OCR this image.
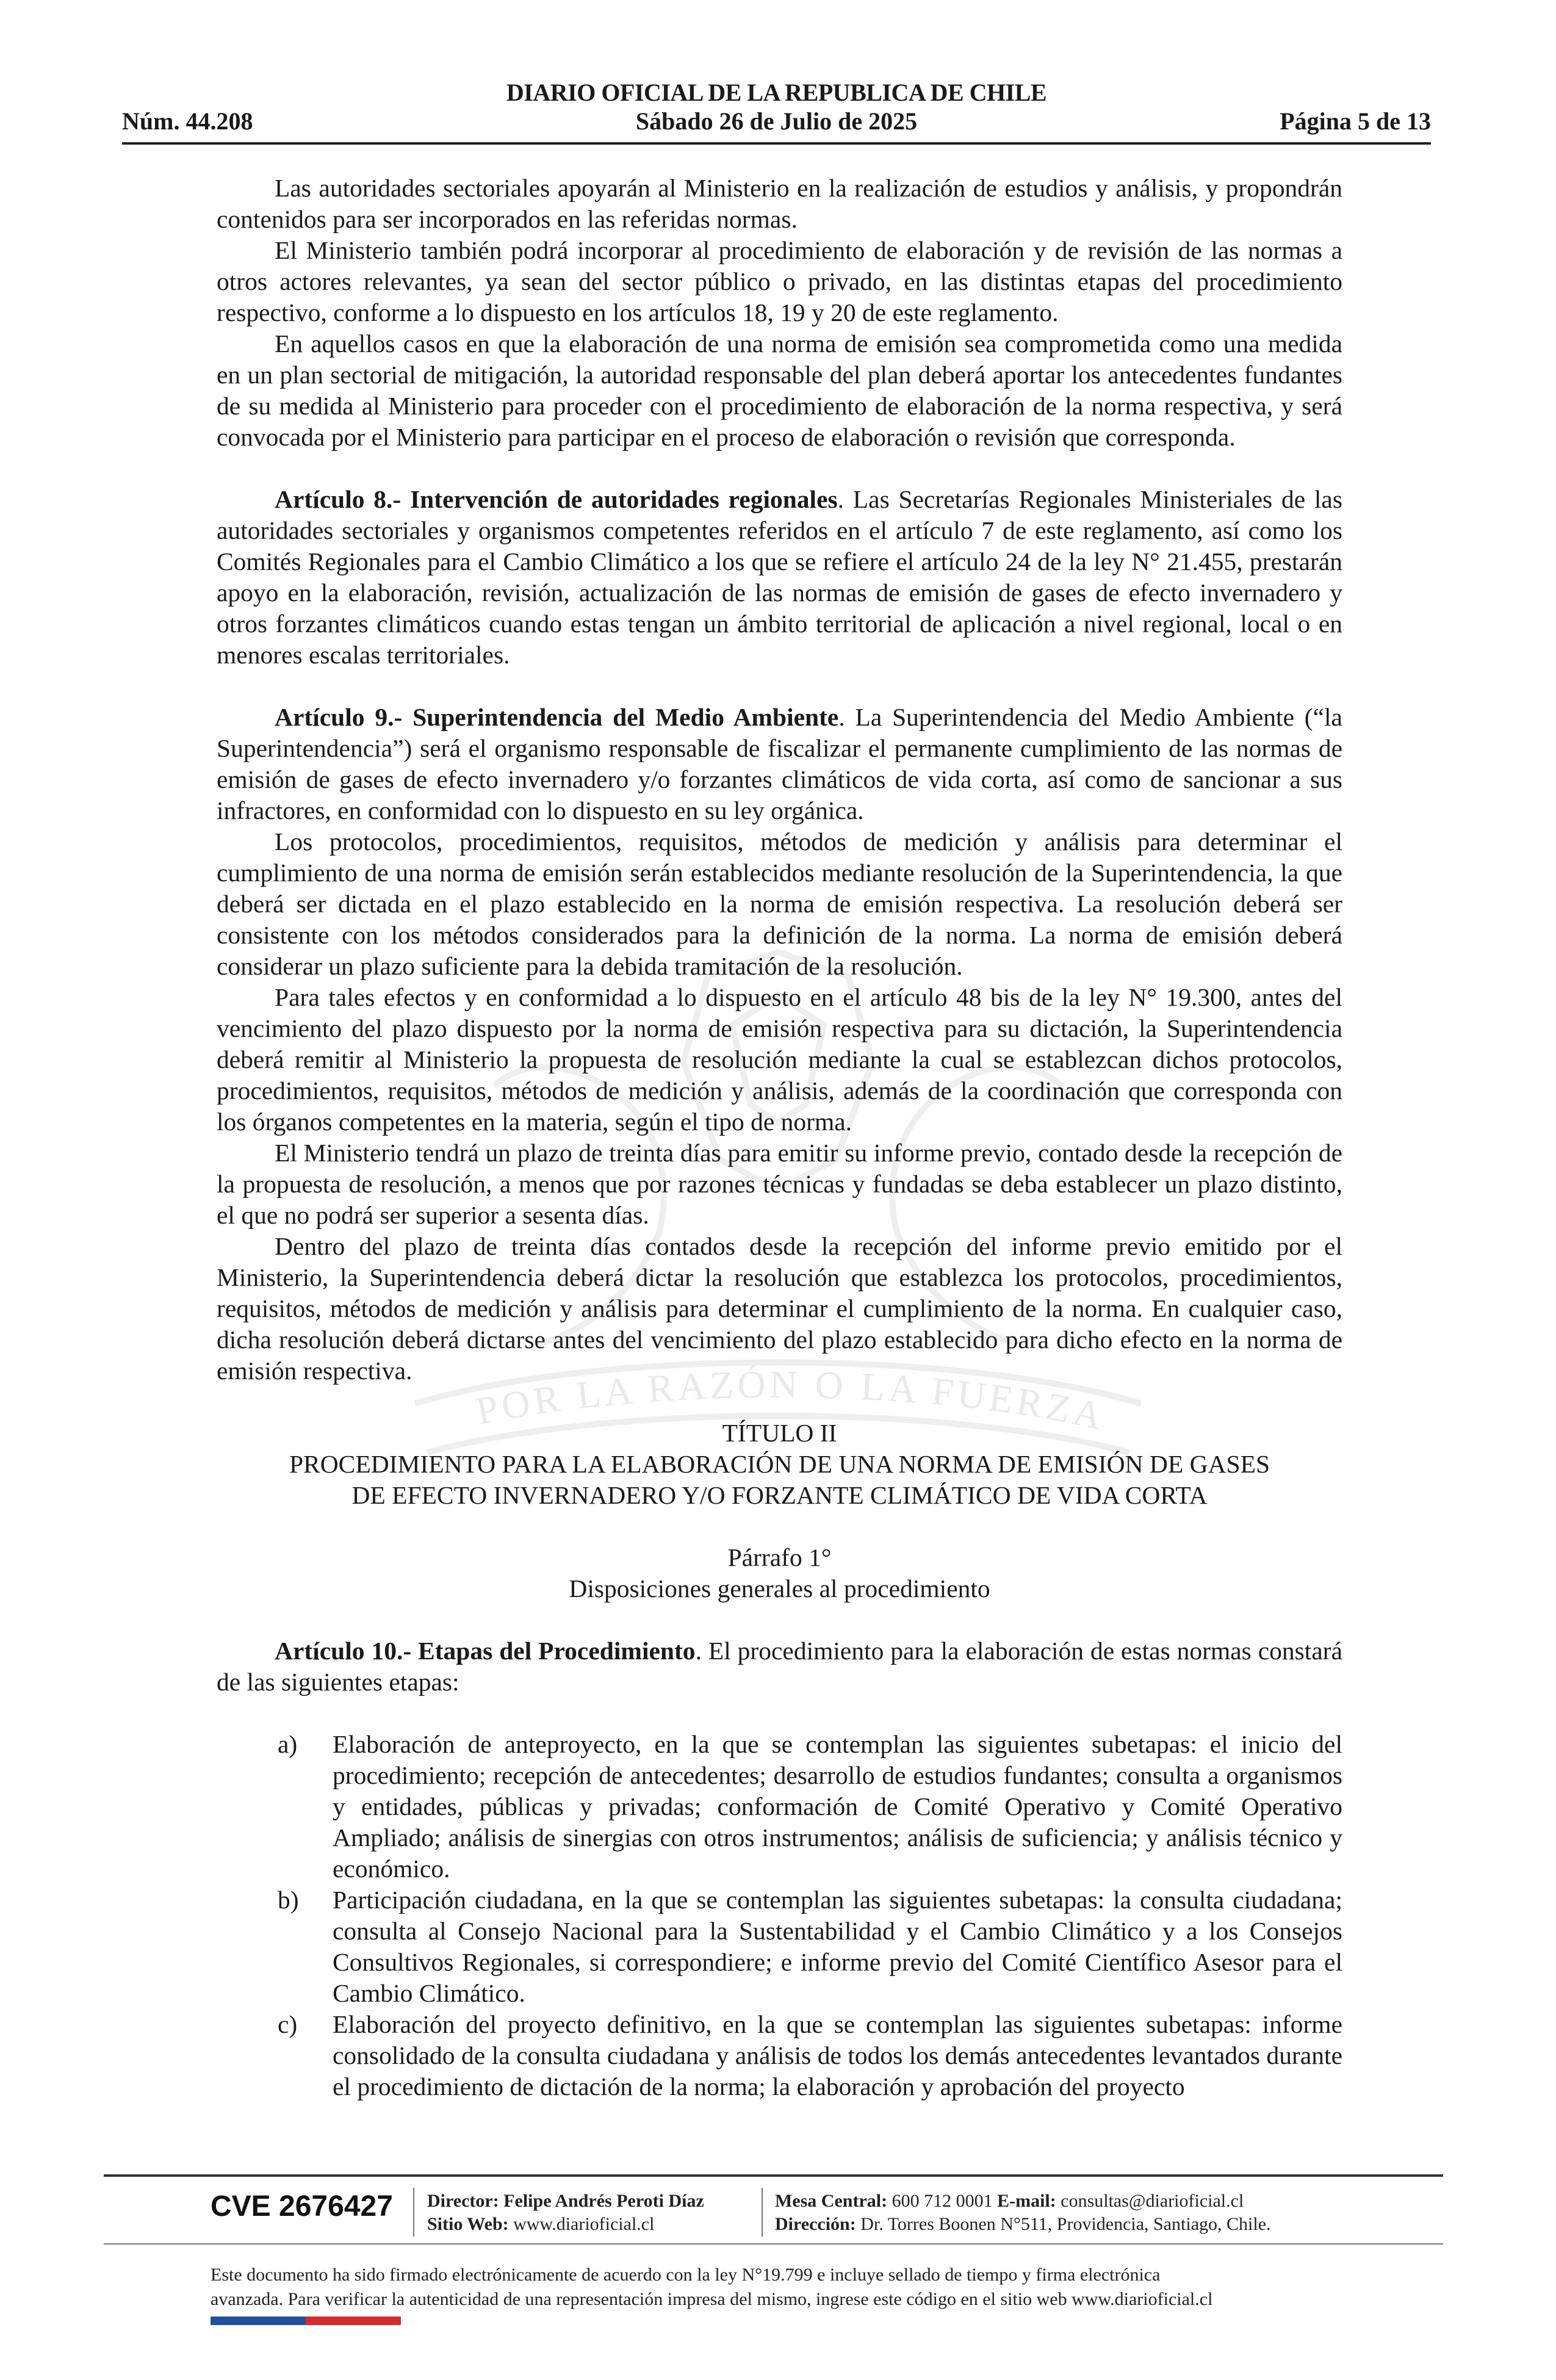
DIARIO OFICIAL DE LA REPUBLICA DE CHILE
Núm. 44.208	Sábado 26 de Julio de 2025	Página 5 de 13
POR LA RAZÓN O LA FUERZA

Las autoridades sectoriales apoyarán al Ministerio en la realización de estudios y análisis, y propondrán contenidos para ser incorporados en las referidas normas.

El Ministerio también podrá incorporar al procedimiento de elaboración y de revisión de las normas a otros actores relevantes, ya sean del sector público o privado, en las distintas etapas del procedimiento respectivo, conforme a lo dispuesto en los artículos 18, 19 y 20 de este reglamento.

En aquellos casos en que la elaboración de una norma de emisión sea comprometida como una medida en un plan sectorial de mitigación, la autoridad responsable del plan deberá aportar los antecedentes fundantes de su medida al Ministerio para proceder con el procedimiento de elaboración de la norma respectiva, y será convocada por el Ministerio para participar en el proceso de elaboración o revisión que corresponda.

Artículo 8.- Intervención de autoridades regionales. Las Secretarías Regionales Ministeriales de las autoridades sectoriales y organismos competentes referidos en el artículo 7 de este reglamento, así como los Comités Regionales para el Cambio Climático a los que se refiere el artículo 24 de la ley N° 21.455, prestarán apoyo en la elaboración, revisión, actualización de las normas de emisión de gases de efecto invernadero y otros forzantes climáticos cuando estas tengan un ámbito territorial de aplicación a nivel regional, local o en menores escalas territoriales.

Artículo 9.- Superintendencia del Medio Ambiente. La Superintendencia del Medio Ambiente (“la Superintendencia”) será el organismo responsable de fiscalizar el permanente cumplimiento de las normas de emisión de gases de efecto invernadero y/o forzantes climáticos de vida corta, así como de sancionar a sus infractores, en conformidad con lo dispuesto en su ley orgánica.

Los protocolos, procedimientos, requisitos, métodos de medición y análisis para determinar el cumplimiento de una norma de emisión serán establecidos mediante resolución de la Superintendencia, la que deberá ser dictada en el plazo establecido en la norma de emisión respectiva. La resolución deberá ser consistente con los métodos considerados para la definición de la norma. La norma de emisión deberá considerar un plazo suficiente para la debida tramitación de la resolución.

Para tales efectos y en conformidad a lo dispuesto en el artículo 48 bis de la ley N° 19.300, antes del vencimiento del plazo dispuesto por la norma de emisión respectiva para su dictación, la Superintendencia deberá remitir al Ministerio la propuesta de resolución mediante la cual se establezcan dichos protocolos, procedimientos, requisitos, métodos de medición y análisis, además de la coordinación que corresponda con los órganos competentes en la materia, según el tipo de norma.

El Ministerio tendrá un plazo de treinta días para emitir su informe previo, contado desde la recepción de la propuesta de resolución, a menos que por razones técnicas y fundadas se deba establecer un plazo distinto, el que no podrá ser superior a sesenta días.

Dentro del plazo de treinta días contados desde la recepción del informe previo emitido por el Ministerio, la Superintendencia deberá dictar la resolución que establezca los protocolos, procedimientos, requisitos, métodos de medición y análisis para determinar el cumplimiento de la norma. En cualquier caso, dicha resolución deberá dictarse antes del vencimiento del plazo establecido para dicho efecto en la norma de emisión respectiva.

TÍTULO II

PROCEDIMIENTO PARA LA ELABORACIÓN DE UNA NORMA DE EMISIÓN DE GASES

DE EFECTO INVERNADERO Y/O FORZANTE CLIMÁTICO DE VIDA CORTA

Párrafo 1°

Disposiciones generales al procedimiento

Artículo 10.- Etapas del Procedimiento. El procedimiento para la elaboración de estas normas constará de las siguientes etapas:

a) Elaboración de anteproyecto, en la que se contemplan las siguientes subetapas: el inicio del procedimiento; recepción de antecedentes; desarrollo de estudios fundantes; consulta a organismos y entidades, públicas y privadas; conformación de Comité Operativo y Comité Operativo Ampliado; análisis de sinergias con otros instrumentos; análisis de suficiencia; y análisis técnico y económico.
b) Participación ciudadana, en la que se contemplan las siguientes subetapas: la consulta ciudadana; consulta al Consejo Nacional para la Sustentabilidad y el Cambio Climático y a los Consejos Consultivos Regionales, si correspondiere; e informe previo del Comité Científico Asesor para el Cambio Climático.
c) Elaboración del proyecto definitivo, en la que se contemplan las siguientes subetapas: informe consolidado de la consulta ciudadana y análisis de todos los demás antecedentes levantados durante el procedimiento de dictación de la norma; la elaboración y aprobación del proyecto
CVE 2676427 Director: Felipe Andrés Peroti Díaz
Sitio Web: www.diarioficial.cl
Mesa Central: 600 712 0001 E-mail: consultas@diarioficial.cl
Dirección: Dr. Torres Boonen N°511, Providencia, Santiago, Chile.
Este documento ha sido firmado electrónicamente de acuerdo con la ley N°19.799 e incluye sellado de tiempo y firma electrónica
avanzada. Para verificar la autenticidad de una representación impresa del mismo, ingrese este código en el sitio web www.diarioficial.cl
